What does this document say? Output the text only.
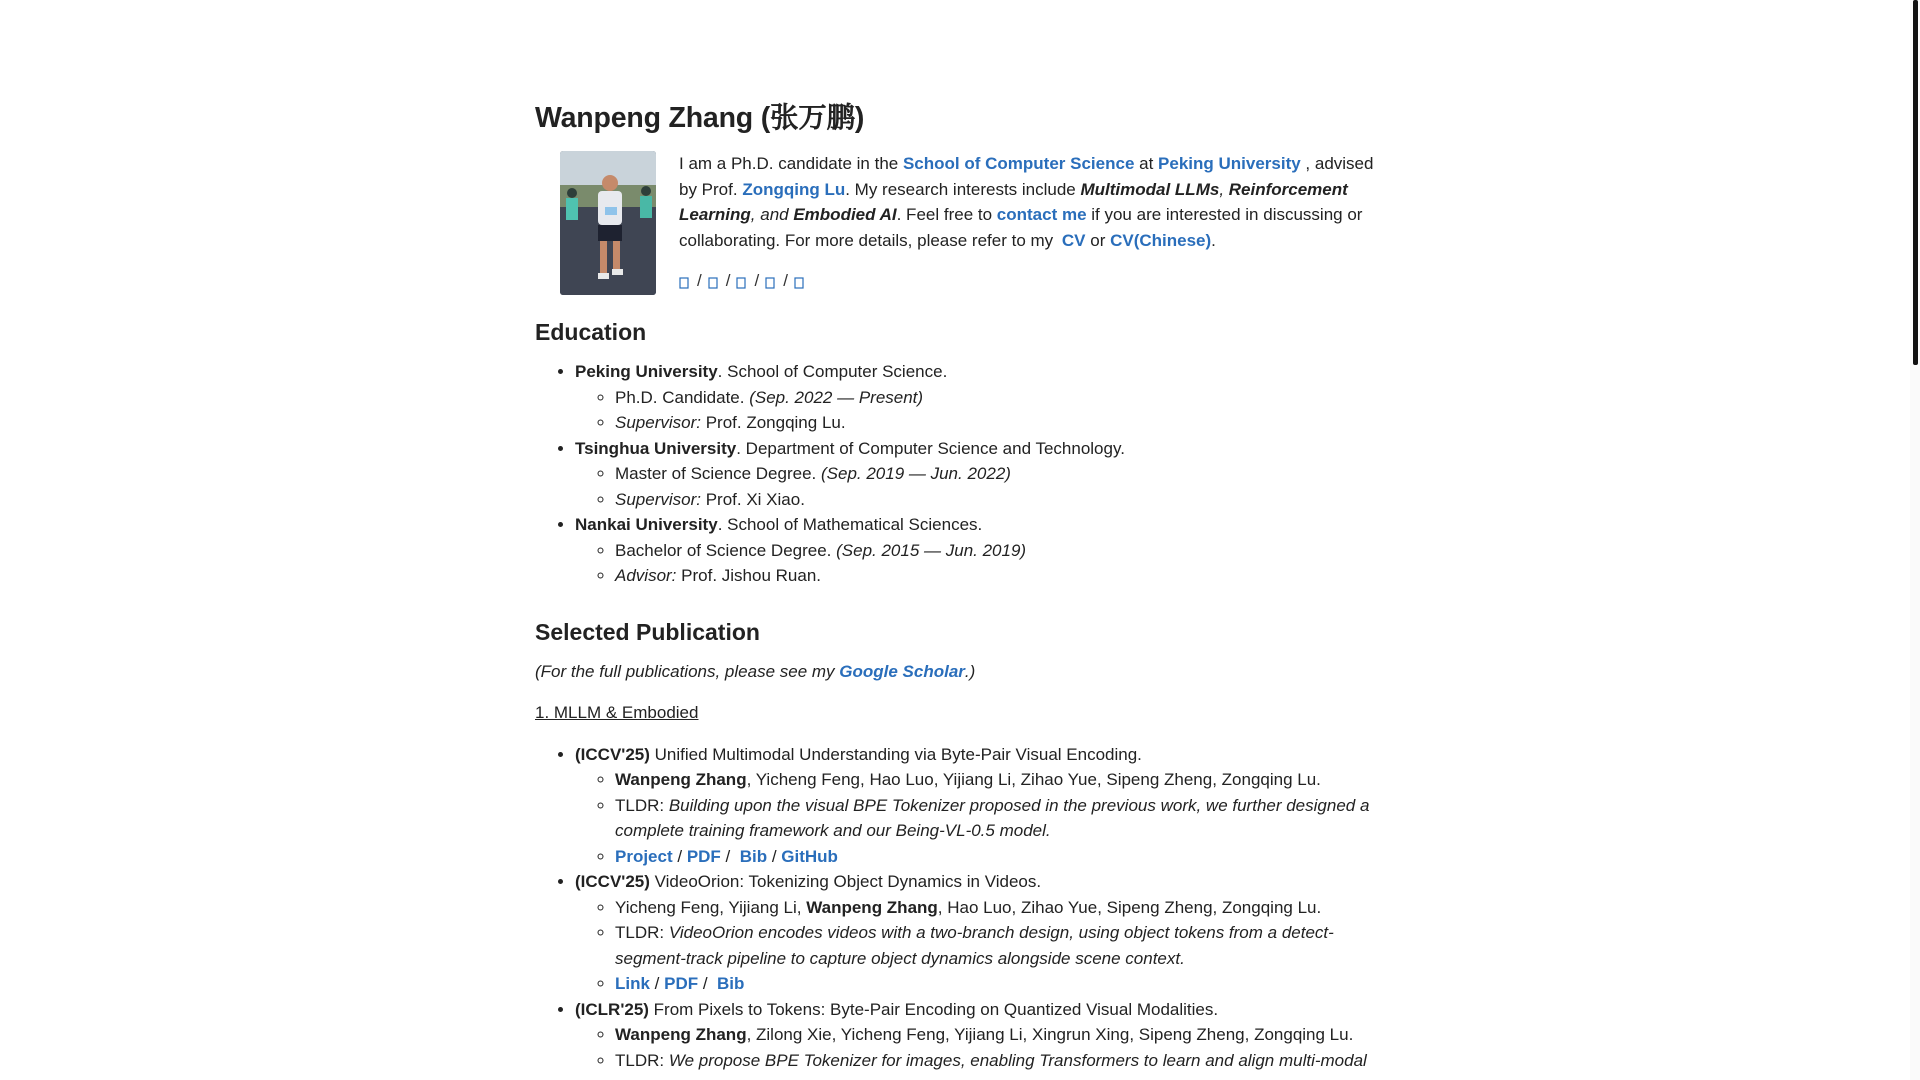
Wanpeng Zhang (张万鹏)

I am a Ph.D. candidate in the School of Computer Science at Peking University , advised by Prof. Zongqing Lu. My research interests include Multimodal LLMs, Reinforcement Learning, and Embodied AI. Feel free to contact me if you are interested in discussing or collaborating. For more details, please refer to my CV or CV(Chinese).

/ / / /
Education
• Peking University. School of Computer Science.
◦ Ph.D. Candidate. (Sep. 2022 — Present)
◦ Supervisor: Prof. Zongqing Lu.
• Tsinghua University. Department of Computer Science and Technology.
◦ Master of Science Degree. (Sep. 2019 — Jun. 2022)
◦ Supervisor: Prof. Xi Xiao.
• Nankai University. School of Mathematical Sciences.
◦ Bachelor of Science Degree. (Sep. 2015 — Jun. 2019)
◦ Advisor: Prof. Jishou Ruan.
Selected Publication
(For the full publications, please see my Google Scholar.)
1. MLLM & Embodied
• (ICCV'25) Unified Multimodal Understanding via Byte-Pair Visual Encoding.
◦ Wanpeng Zhang, Yicheng Feng, Hao Luo, Yijiang Li, Zihao Yue, Sipeng Zheng, Zongqing Lu.
◦ TLDR: Building upon the visual BPE Tokenizer proposed in the previous work, we further designed a complete training framework and our Being-VL-0.5 model.
◦ Project / PDF /  Bib / GitHub
• (ICCV'25) VideoOrion: Tokenizing Object Dynamics in Videos.
◦ Yicheng Feng, Yijiang Li, Wanpeng Zhang, Hao Luo, Zihao Yue, Sipeng Zheng, Zongqing Lu.
◦ TLDR: VideoOrion encodes videos with a two-branch design, using object tokens from a detect-segment-track pipeline to capture object dynamics alongside scene context.
◦ Link / PDF /  Bib
• (ICLR'25) From Pixels to Tokens: Byte-Pair Encoding on Quantized Visual Modalities.
◦ Wanpeng Zhang, Zilong Xie, Yicheng Feng, Yijiang Li, Xingrun Xing, Sipeng Zheng, Zongqing Lu.
◦ TLDR: We propose BPE Tokenizer for images, enabling Transformers to learn and align multi-modal
